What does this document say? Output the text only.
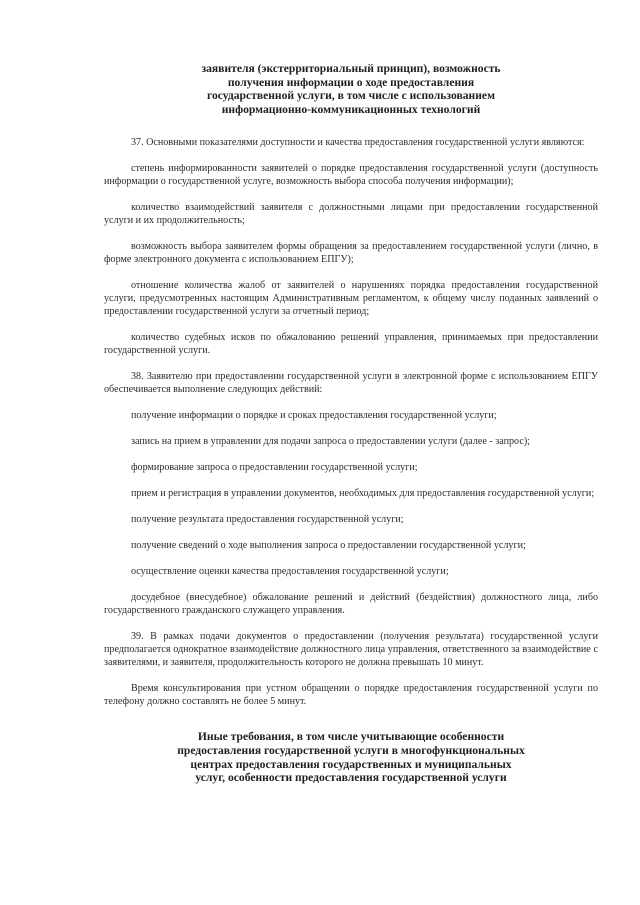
заявителя (экстерриториальный принцип), возможность
получения информации о ходе предоставления
государственной услуги, в том числе с использованием
информационно-коммуникационных технологий

37. Основными показателями доступности и качества предоставления государственной услуги являются:

степень информированности заявителей о порядке предоставления государственной услуги (доступность информации о государственной услуге, возможность выбора способа получения информации);

количество взаимодействий заявителя с должностными лицами при предоставлении государственной услуги и их продолжительность;

возможность выбора заявителем формы обращения за предоставлением государственной услуги (лично, в форме электронного документа с использованием ЕПГУ);

отношение количества жалоб от заявителей о нарушениях порядка предоставления государственной услуги, предусмотренных настоящим Административным регламентом, к общему числу поданных заявлений о предоставлении государственной услуги за отчетный период;

количество судебных исков по обжалованию решений управления, принимаемых при предоставлении государственной услуги.

38. Заявителю при предоставлении государственной услуги в электронной форме с использованием ЕПГУ обеспечивается выполнение следующих действий:

получение информации о порядке и сроках предоставления государственной услуги;

запись на прием в управлении для подачи запроса о предоставлении услуги (далее - запрос);

формирование запроса о предоставлении государственной услуги;

прием и регистрация в управлении документов, необходимых для предоставления государственной услуги;

получение результата предоставления государственной услуги;

получение сведений о ходе выполнения запроса о предоставлении государственной услуги;

осуществление оценки качества предоставления государственной услуги;

досудебное (внесудебное) обжалование решений и действий (бездействия) должностного лица, либо государственного гражданского служащего управления.

39. В рамках подачи документов о предоставлении (получения результата) государственной услуги предполагается однократное взаимодействие должностного лица управления, ответственного за взаимодействие с заявителями, и заявителя, продолжительность которого не должна превышать 10 минут.

Время консультирования при устном обращении о порядке предоставления государственной услуги по телефону должно составлять не более 5 минут.

Иные требования, в том числе учитывающие особенности
предоставления государственной услуги в многофункциональных
центрах предоставления государственных и муниципальных
услуг, особенности предоставления государственной услуги
